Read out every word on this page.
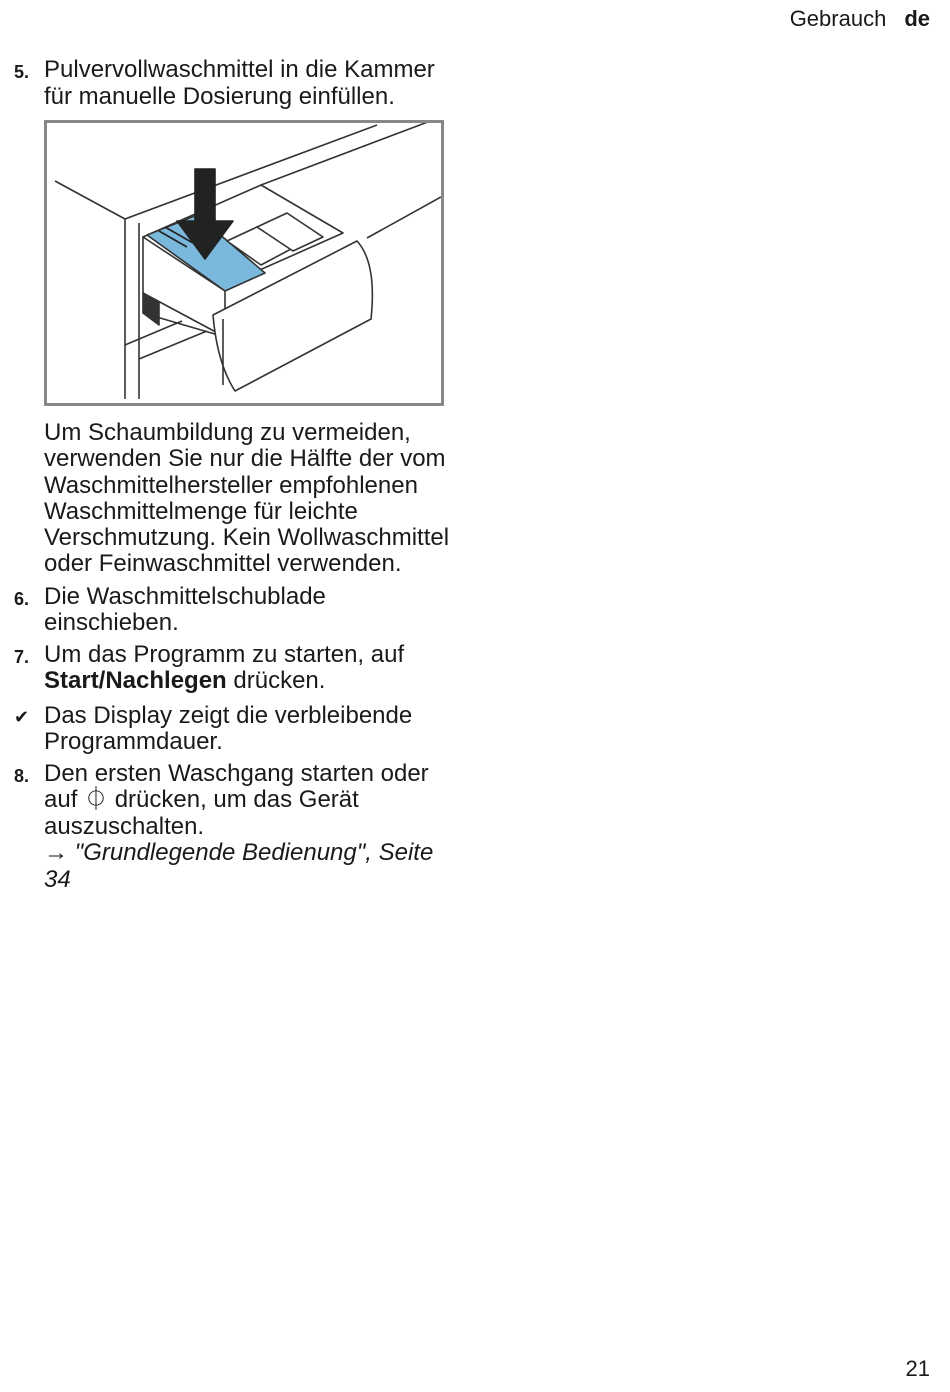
Gebrauch de
5. Pulvervollwaschmittel in die Kammer für manuelle Dosierung einfüllen.
Um Schaumbildung zu vermeiden, verwenden Sie nur die Hälfte der vom Waschmittelhersteller empfohlenen Waschmittelmenge für leichte Verschmutzung. Kein Wollwaschmittel oder Feinwaschmittel verwenden.
6. Die Waschmittelschublade einschieben.
7. Um das Programm zu starten, auf Start/Nachlegen drücken.
✔ Das Display zeigt die verbleibende Programmdauer.
8. Den ersten Waschgang starten oder auf ⏀ drücken, um das Gerät auszuschalten.
→ "Grundlegende Bedienung", Seite 34
21
